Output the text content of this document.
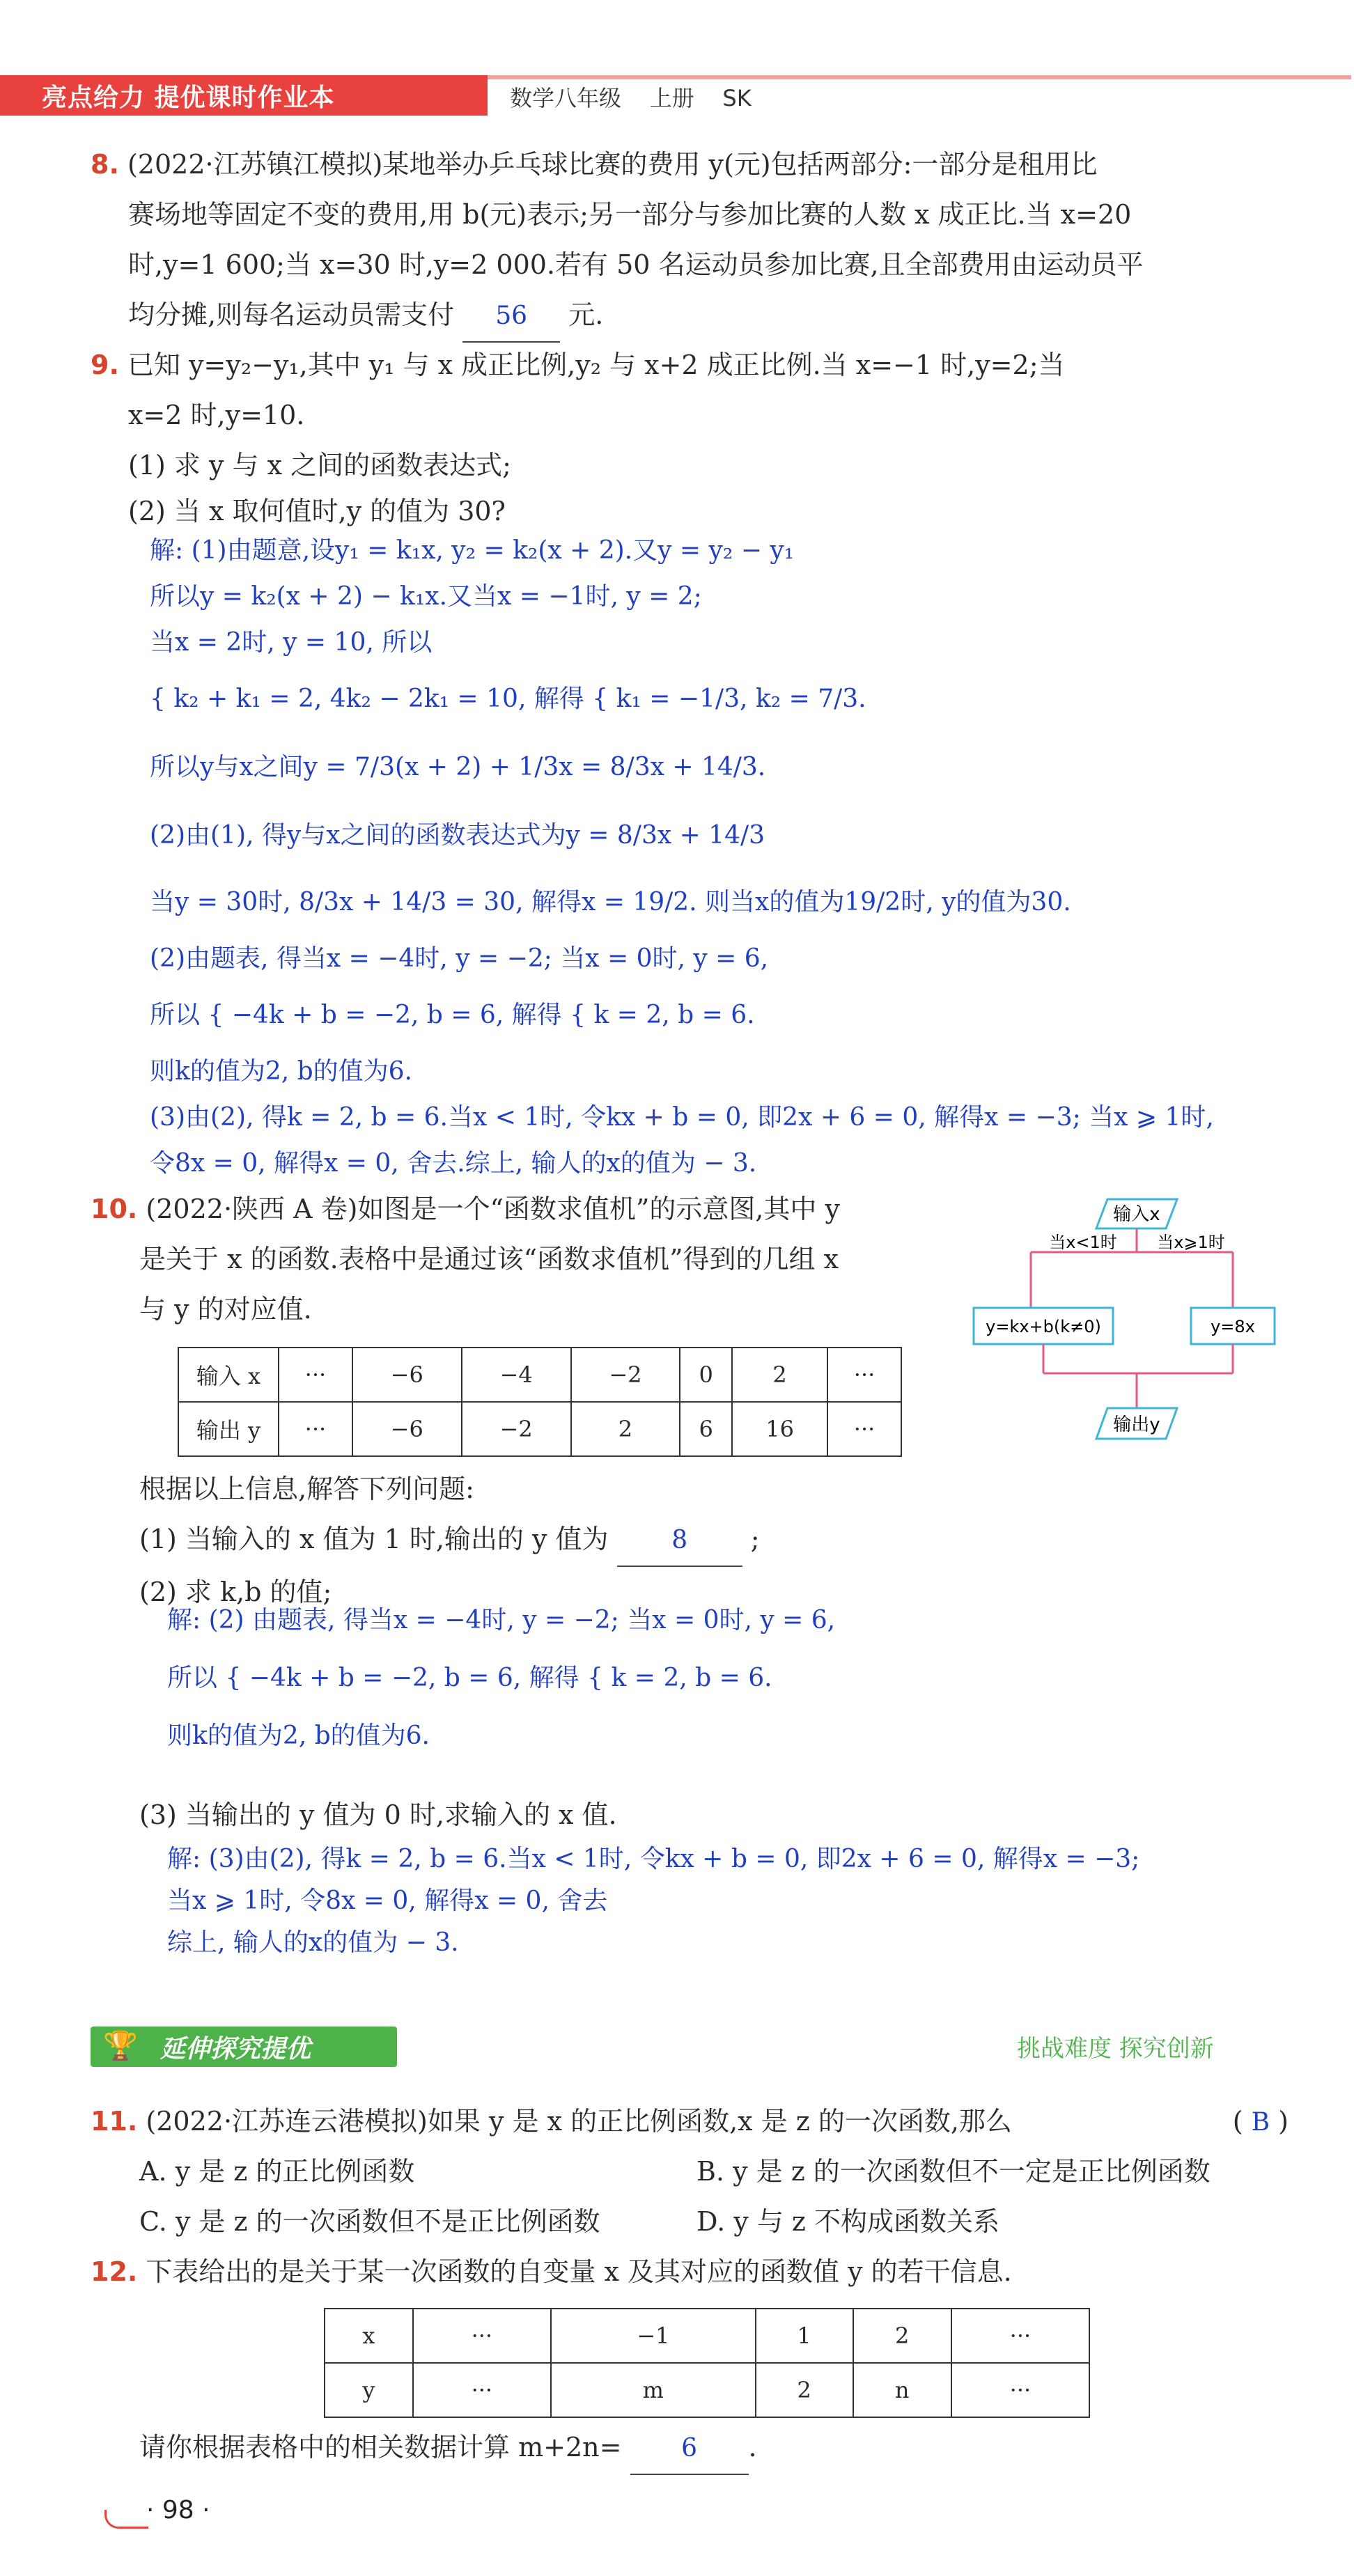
亮点给力 提优课时作业本	数学八年级 上册 SK
8. (2022·江苏镇江模拟)某地举办乒乓球比赛的费用 y(元)包括两部分:一部分是租用比
赛场地等固定不变的费用,用 b(元)表示;另一部分与参加比赛的人数 x 成正比.当 x=20
时,y=1 600;当 x=30 时,y=2 000.若有 50 名运动员参加比赛,且全部费用由运动员平
均分摊,则每名运动员需支付 56 元.
9. 已知 y=y₂−y₁,其中 y₁ 与 x 成正比例,y₂ 与 x+2 成正比例.当 x=−1 时,y=2;当
x=2 时,y=10.
(1) 求 y 与 x 之间的函数表达式;
(2) 当 x 取何值时,y 的值为 30?
解: (1)由题意,设y₁ = k₁x, y₂ = k₂(x + 2).又y = y₂ − y₁
所以y = k₂(x + 2) − k₁x.又当x = −1时, y = 2;
当x = 2时, y = 10, 所以
{ k₂ + k₁ = 2, 4k₂ − 2k₁ = 10, 解得 { k₁ = −1/3, k₂ = 7/3.
所以y与x之间y = 7/3(x + 2) + 1/3x = 8/3x + 14/3.
(2)由(1), 得y与x之间的函数表达式为y = 8/3x + 14/3
当y = 30时, 8/3x + 14/3 = 30, 解得x = 19/2. 则当x的值为19/2时, y的值为30.
(2)由题表, 得当x = −4时, y = −2; 当x = 0时, y = 6,
所以 { −4k + b = −2, b = 6, 解得 { k = 2, b = 6.
则k的值为2, b的值为6.
(3)由(2), 得k = 2, b = 6.当x < 1时, 令kx + b = 0, 即2x + 6 = 0, 解得x = −3; 当x ⩾ 1时,
令8x = 0, 解得x = 0, 舍去.综上, 输人的x的值为 − 3.
10. (2022·陕西 A 卷)如图是一个“函数求值机”的示意图,其中 y
是关于 x 的函数.表格中是通过该“函数求值机”得到的几组 x
与 y 的对应值.
输入 x	···	−6	−4	−2	0	2	···
输出 y	···	−6	−2	2	6	16	···
输入x
当x<1时 当x⩾1时
y=kx+b(k≠0)	y=8x
输出y
根据以上信息,解答下列问题:
(1) 当输入的 x 值为 1 时,输出的 y 值为	8 ;
(2) 求 k,b 的值;
解: (2) 由题表, 得当x = −4时, y = −2; 当x = 0时, y = 6,
所以 { −4k + b = −2, b = 6, 解得 { k = 2, b = 6.
则k的值为2, b的值为6.
(3) 当输出的 y 值为 0 时,求输入的 x 值.
解: (3)由(2), 得k = 2, b = 6.当x < 1时, 令kx + b = 0, 即2x + 6 = 0, 解得x = −3;
当x ⩾ 1时, 令8x = 0, 解得x = 0, 舍去
综上, 输人的x的值为 − 3.
🏆 延伸探究提优	挑战难度 探究创新
11. (2022·江苏连云港模拟)如果 y 是 x 的正比例函数,x 是 z 的一次函数,那么	( B )
A. y 是 z 的正比例函数	B. y 是 z 的一次函数但不一定是正比例函数
C. y 是 z 的一次函数但不是正比例函数	D. y 与 z 不构成函数关系
12. 下表给出的是关于某一次函数的自变量 x 及其对应的函数值 y 的若干信息.
x	···	−1	1	2	···
y	···	m	2	n	···
请你根据表格中的相关数据计算 m+2n= 6 .
· 98 ·
